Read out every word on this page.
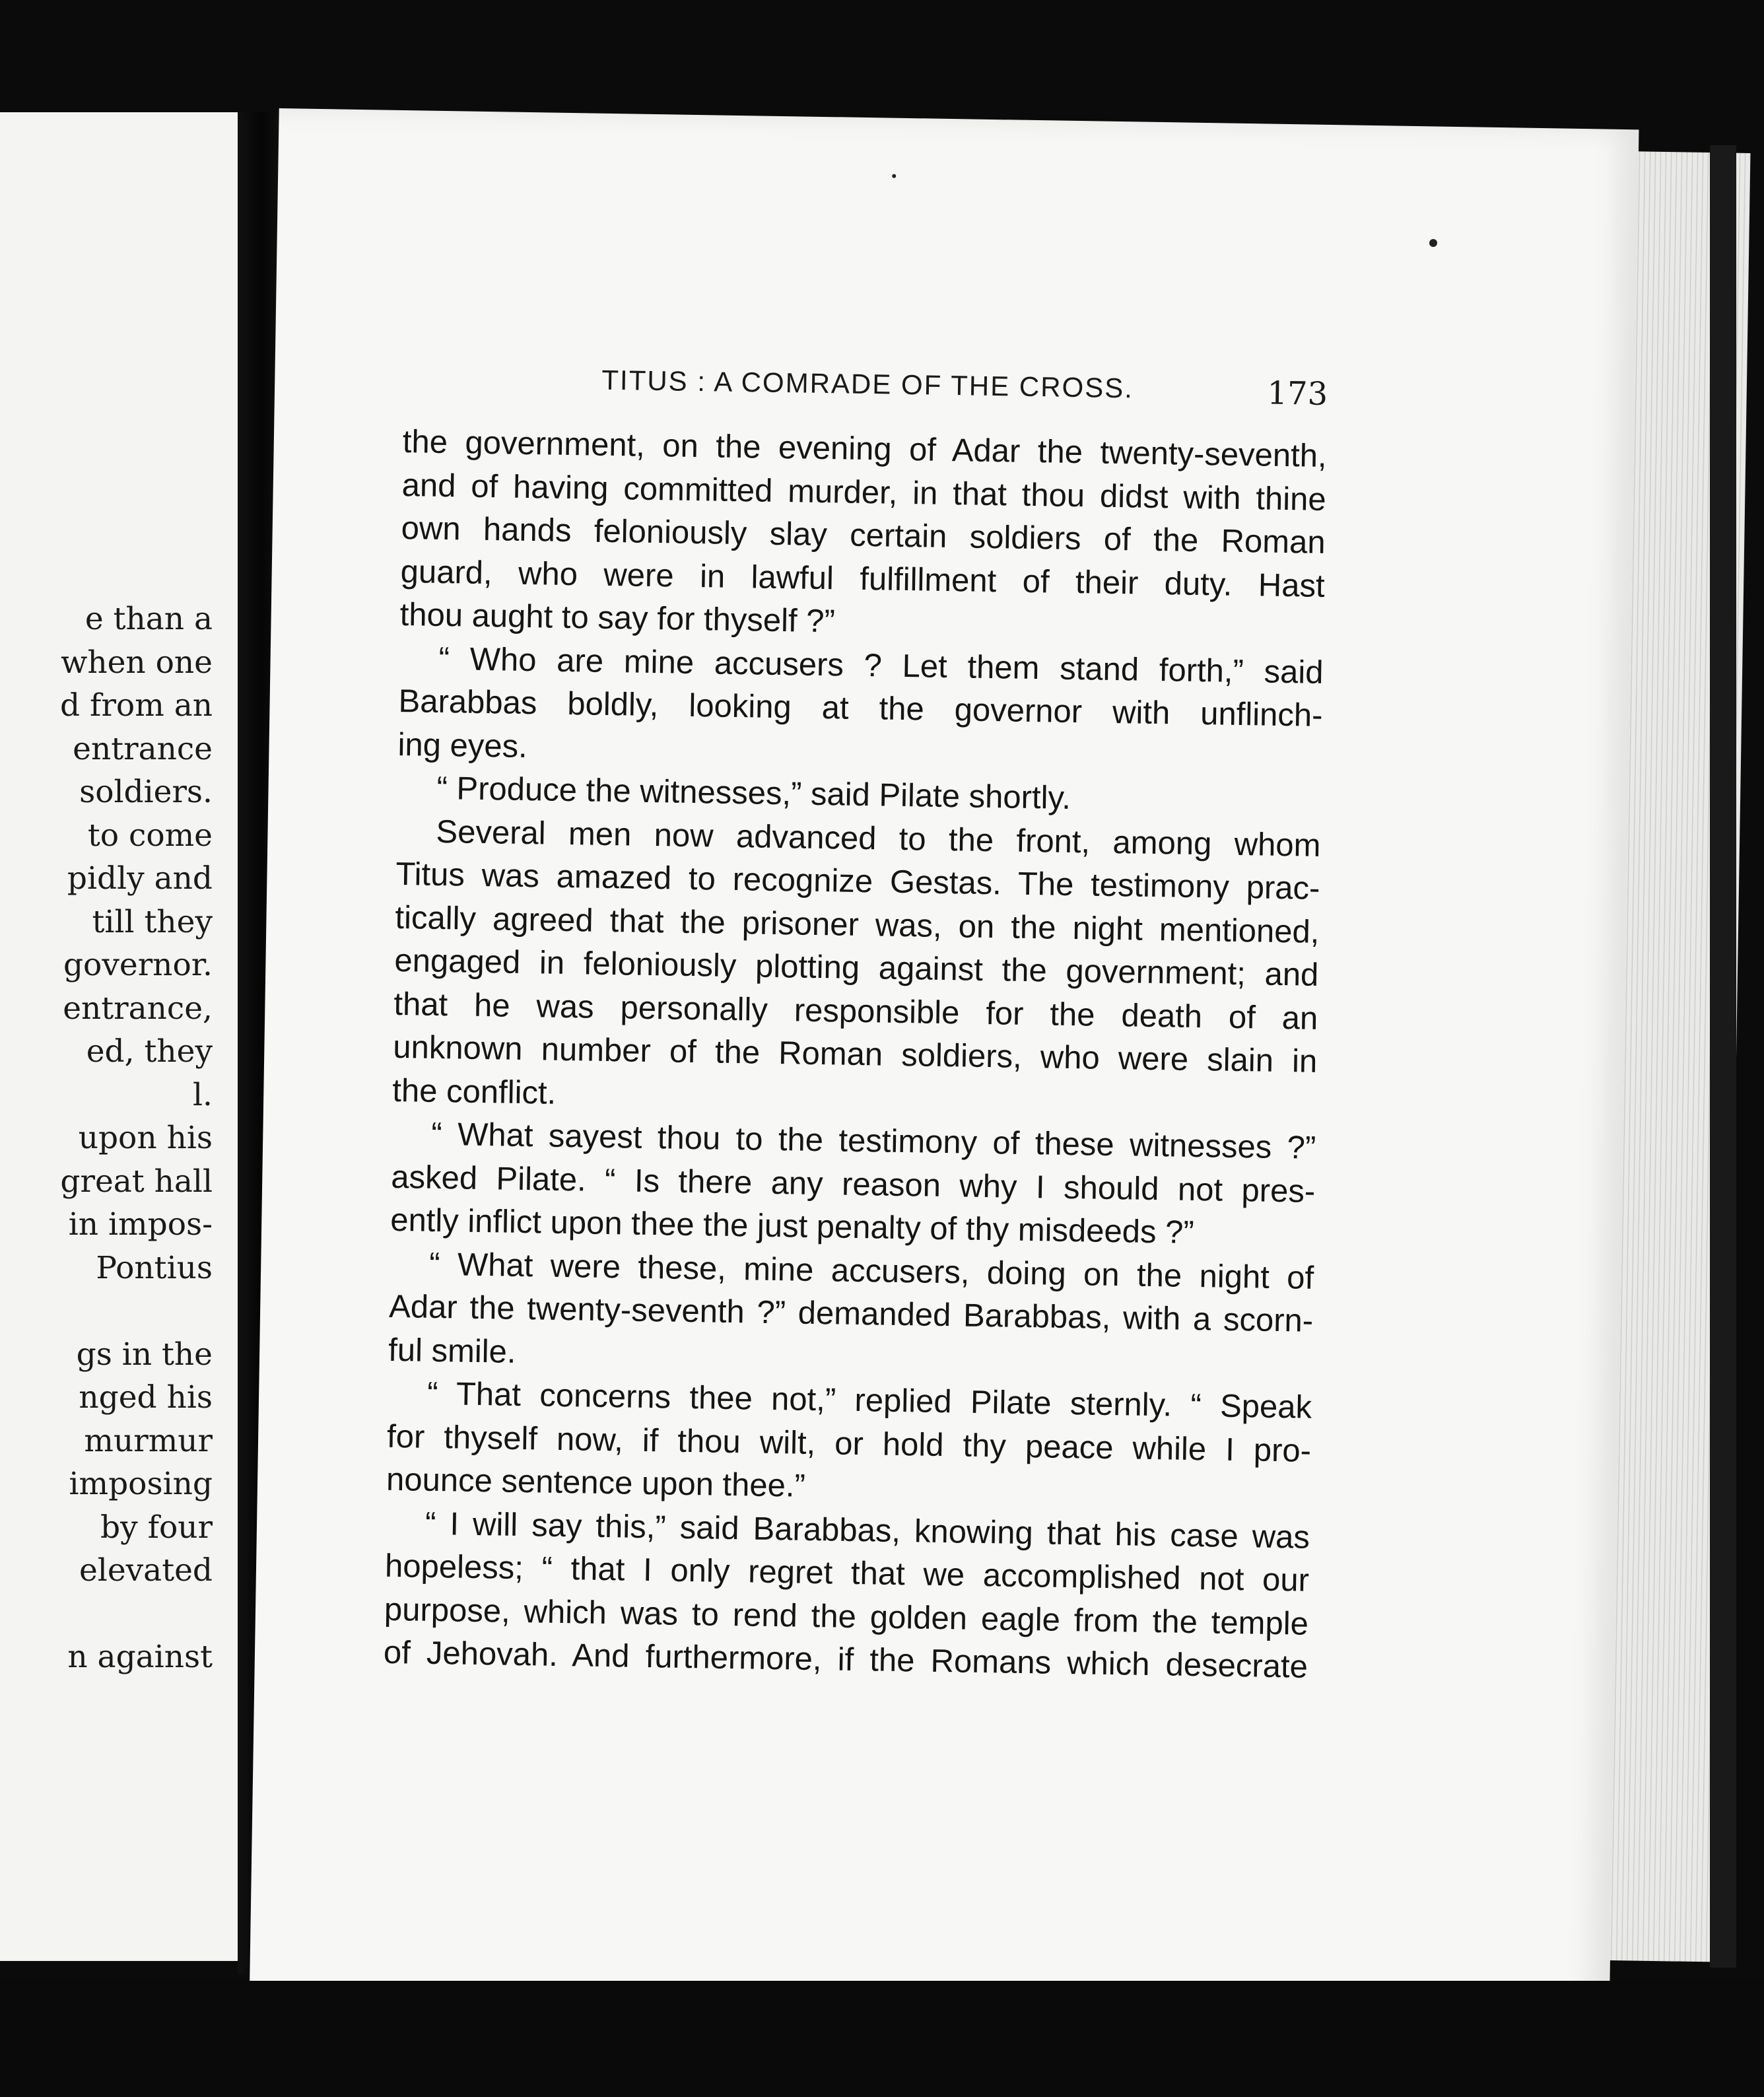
e than a
when one
d from an
entrance
soldiers.
to come
pidly and
till they
governor.
entrance,
ed, they
l.
upon his
great hall
in impos-
Pontius

gs in the
nged his
murmur
imposing
by four
elevated

n against
TITUS : A COMRADE OF THE CROSS.	173
the government, on the evening of Adar the twenty-seventh,
and of having committed murder, in that thou didst with thine
own hands feloniously slay certain soldiers of the Roman
guard, who were in lawful fulfillment of their duty. Hast
thou aught to say for thyself ?”
“ Who are mine accusers ? Let them stand forth,” said
Barabbas boldly, looking at the governor with unflinch-
ing eyes.
“ Produce the witnesses,” said Pilate shortly.
Several men now advanced to the front, among whom
Titus was amazed to recognize Gestas. The testimony prac-
tically agreed that the prisoner was, on the night mentioned,
engaged in feloniously plotting against the government; and
that he was personally responsible for the death of an
unknown number of the Roman soldiers, who were slain in
the conflict.
“ What sayest thou to the testimony of these witnesses ?”
asked Pilate. “ Is there any reason why I should not pres-
ently inflict upon thee the just penalty of thy misdeeds ?”
“ What were these, mine accusers, doing on the night of
Adar the twenty-seventh ?” demanded Barabbas, with a scorn-
ful smile.
“ That concerns thee not,” replied Pilate sternly. “ Speak
for thyself now, if thou wilt, or hold thy peace while I pro-
nounce sentence upon thee.”
“ I will say this,” said Barabbas, knowing that his case was
hopeless; “ that I only regret that we accomplished not our
purpose, which was to rend the golden eagle from the temple
of Jehovah. And furthermore, if the Romans which desecrate
